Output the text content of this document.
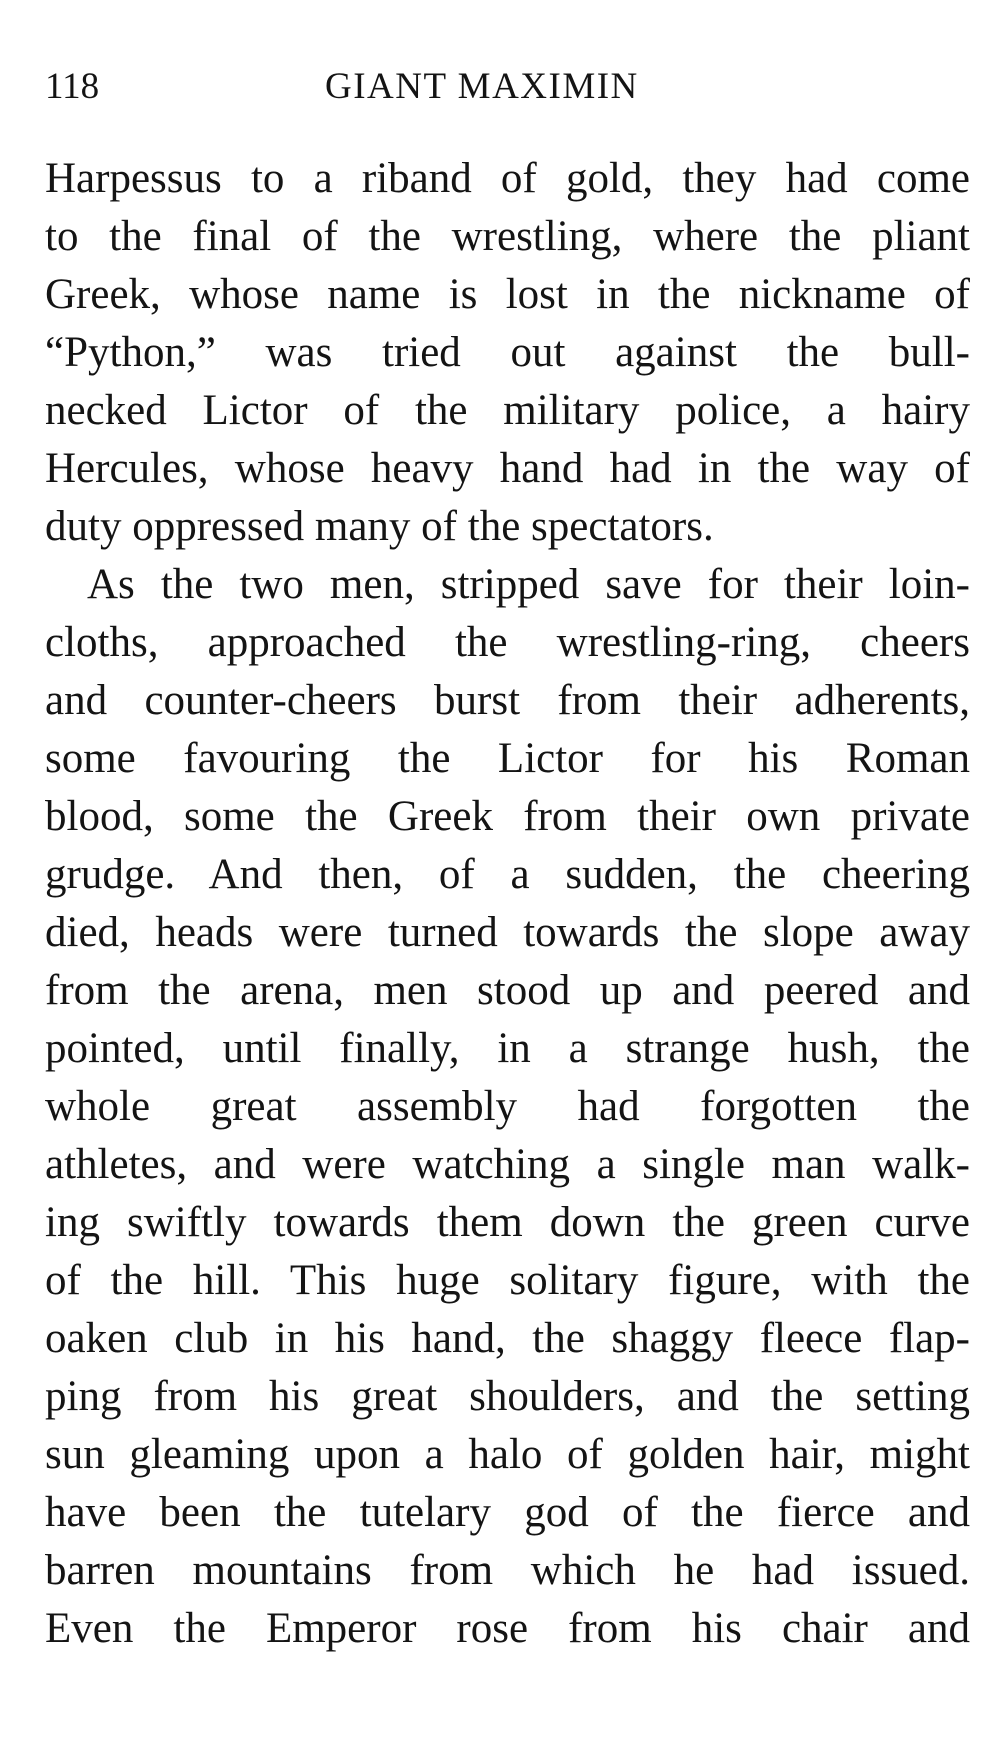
118	GIANT MAXIMIN
Harpessus to a riband of gold, they had come
to the final of the wrestling, where the pliant
Greek, whose name is lost in the nickname of
“Python,” was tried out against the bull-
necked Lictor of the military police, a hairy
Hercules, whose heavy hand had in the way of
duty oppressed many of the spectators.
As the two men, stripped save for their loin-
cloths, approached the wrestling-ring, cheers
and counter-cheers burst from their adherents,
some favouring the Lictor for his Roman
blood, some the Greek from their own private
grudge. And then, of a sudden, the cheering
died, heads were turned towards the slope away
from the arena, men stood up and peered and
pointed, until finally, in a strange hush, the
whole great assembly had forgotten the
athletes, and were watching a single man walk-
ing swiftly towards them down the green curve
of the hill. This huge solitary figure, with the
oaken club in his hand, the shaggy fleece flap-
ping from his great shoulders, and the setting
sun gleaming upon a halo of golden hair, might
have been the tutelary god of the fierce and
barren mountains from which he had issued.
Even the Emperor rose from his chair and
